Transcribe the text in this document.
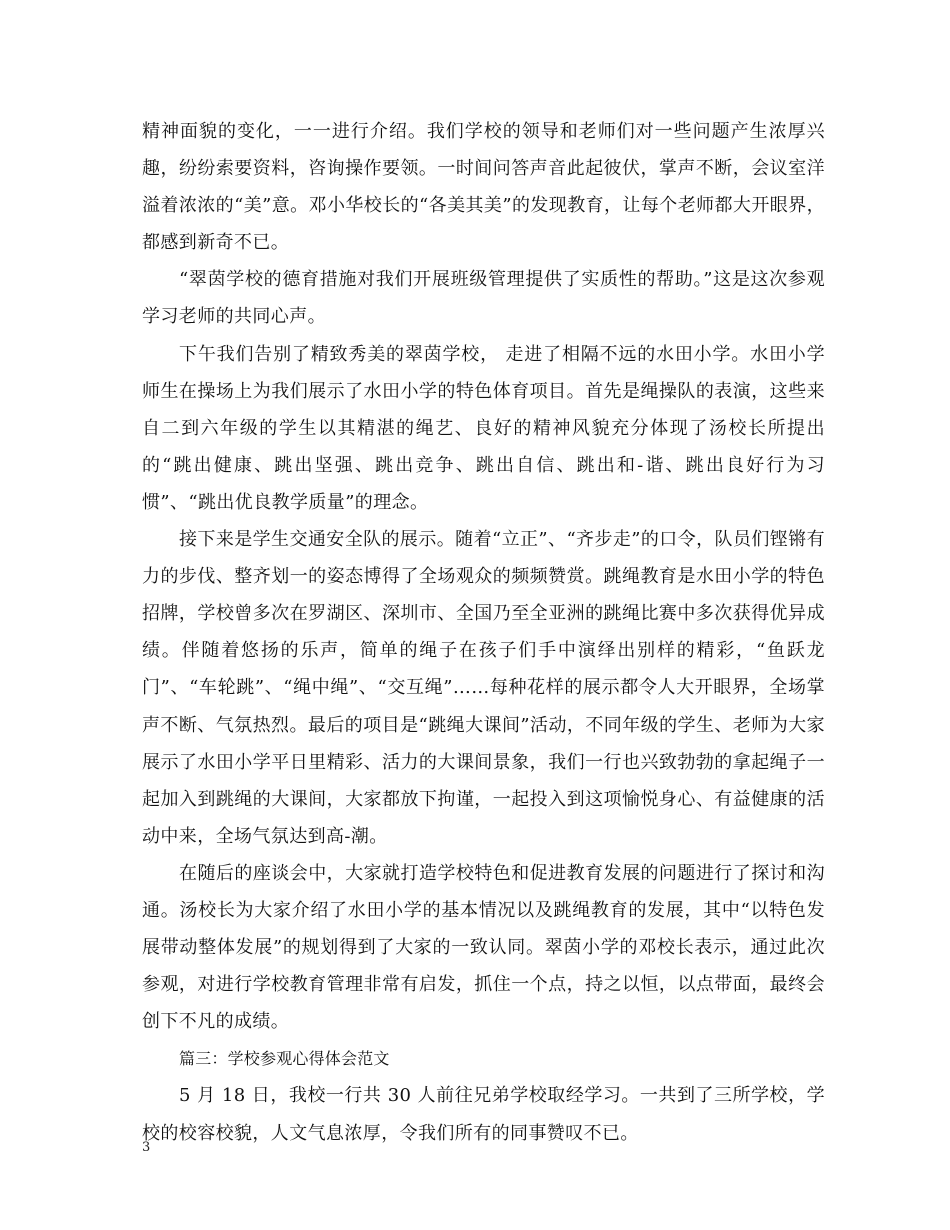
精神面貌的变化，一一进行介绍。我们学校的领导和老师们对一些问题产生浓厚兴趣，纷纷索要资料，咨询操作要领。一时间问答声音此起彼伏，掌声不断，会议室洋溢着浓浓的“美”意。邓小华校长的“各美其美”的发现教育，让每个老师都大开眼界，都感到新奇不已。

“翠茵学校的德育措施对我们开展班级管理提供了实质性的帮助。”这是这次参观学习老师的共同心声。

下午我们告别了精致秀美的翠茵学校， 走进了相隔不远的水田小学。水田小学师生在操场上为我们展示了水田小学的特色体育项目。首先是绳操队的表演，这些来自二到六年级的学生以其精湛的绳艺、良好的精神风貌充分体现了汤校长所提出的“跳出健康、跳出坚强、跳出竞争、跳出自信、跳出和-谐、跳出良好行为习惯”、“跳出优良教学质量”的理念。

接下来是学生交通安全队的展示。随着“立正”、“齐步走”的口令，队员们铿锵有力的步伐、整齐划一的姿态博得了全场观众的频频赞赏。跳绳教育是水田小学的特色招牌，学校曾多次在罗湖区、深圳市、全国乃至全亚洲的跳绳比赛中多次获得优异成绩。伴随着悠扬的乐声，简单的绳子在孩子们手中演绎出别样的精彩，“鱼跃龙门”、“车轮跳”、“绳中绳”、“交互绳”……每种花样的展示都令人大开眼界，全场掌声不断、气氛热烈。最后的项目是“跳绳大课间”活动，不同年级的学生、老师为大家展示了水田小学平日里精彩、活力的大课间景象，我们一行也兴致勃勃的拿起绳子一起加入到跳绳的大课间，大家都放下拘谨，一起投入到这项愉悦身心、有益健康的活动中来，全场气氛达到高-潮。

在随后的座谈会中，大家就打造学校特色和促进教育发展的问题进行了探讨和沟通。汤校长为大家介绍了水田小学的基本情况以及跳绳教育的发展，其中“以特色发展带动整体发展”的规划得到了大家的一致认同。翠茵小学的邓校长表示，通过此次参观，对进行学校教育管理非常有启发，抓住一个点，持之以恒，以点带面，最终会创下不凡的成绩。

篇三：学校参观心得体会范文

5 月 18 日，我校一行共 30 人前往兄弟学校取经学习。一共到了三所学校，学校的校容校貌，人文气息浓厚，令我们所有的同事赞叹不已。

3
